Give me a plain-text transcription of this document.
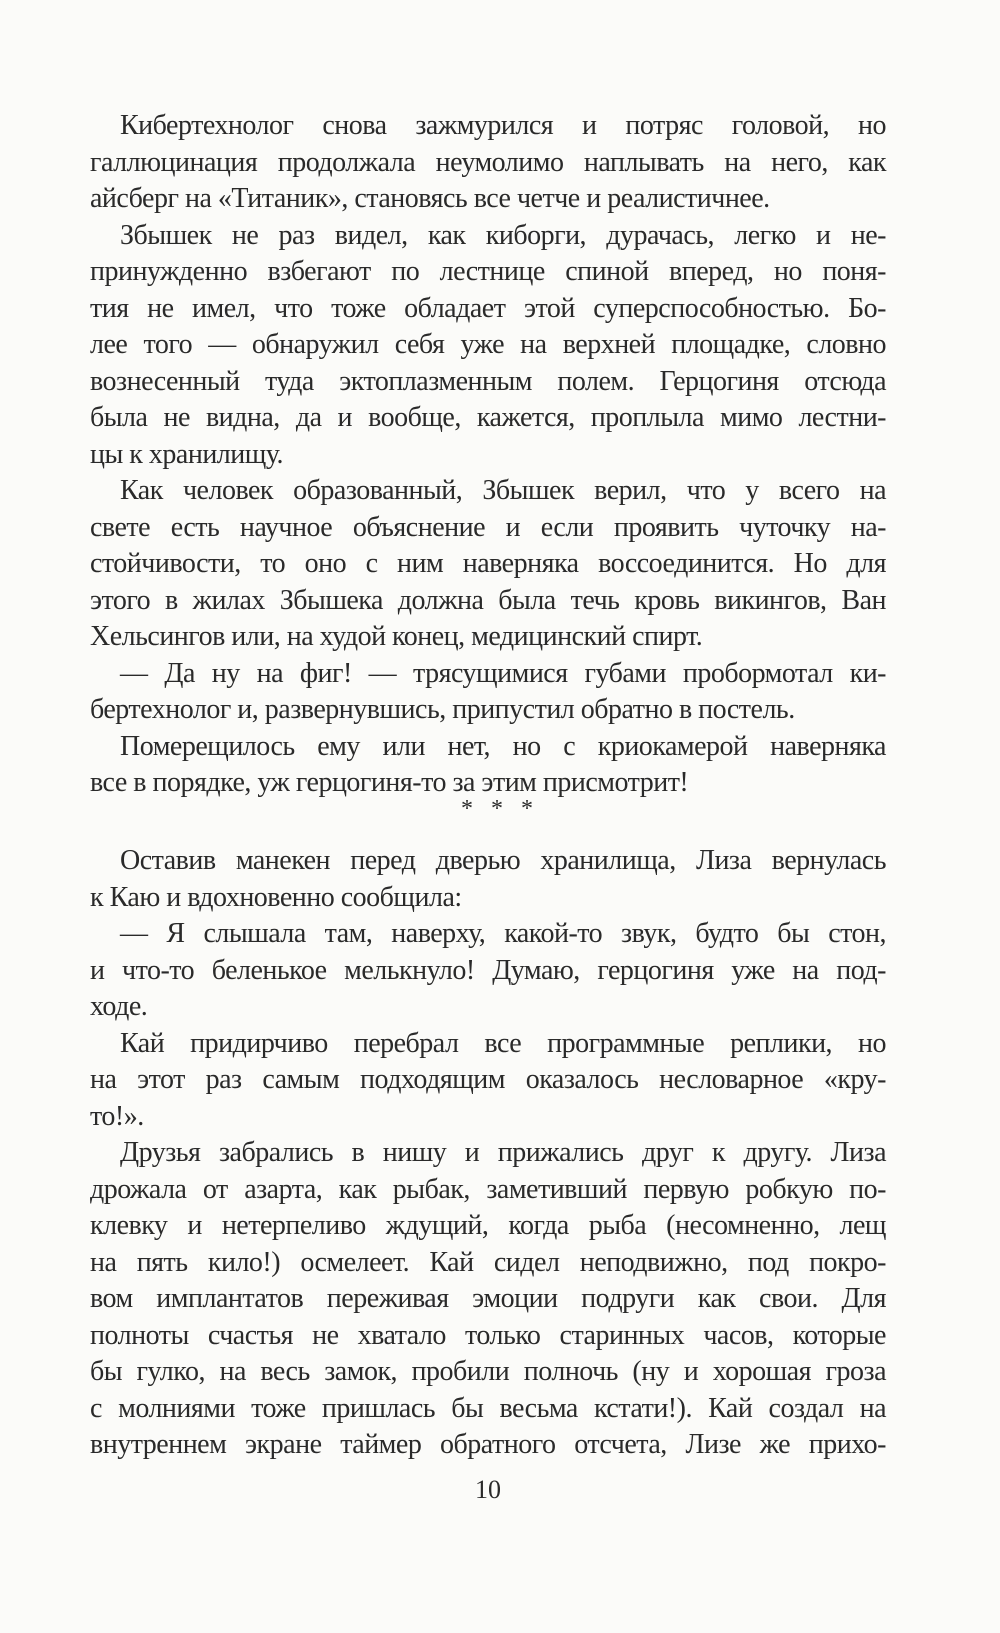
Кибертехнолог снова зажмурился и потряс головой, но
галлюцинация продолжала неумолимо наплывать на него, как
айсберг на «Титаник», становясь все четче и реалистичнее.
Збышек не раз видел, как киборги, дурачась, легко и не-
принужденно взбегают по лестнице спиной вперед, но поня-
тия не имел, что тоже обладает этой суперспособностью. Бо-
лее того — обнаружил себя уже на верхней площадке, словно
вознесенный туда эктоплазменным полем. Герцогиня отсюда
была не видна, да и вообще, кажется, проплыла мимо лестни-
цы к хранилищу.
Как человек образованный, Збышек верил, что у всего на
свете есть научное объяснение и если проявить чуточку на-
стойчивости, то оно с ним наверняка воссоединится. Но для
этого в жилах Збышека должна была течь кровь викингов, Ван
Хельсингов или, на худой конец, медицинский спирт.
— Да ну на фиг! — трясущимися губами пробормотал ки-
бертехнолог и, развернувшись, припустил обратно в постель.
Померещилось ему или нет, но с криокамерой наверняка
все в порядке, уж герцогиня-то за этим присмотрит!
* * *
Оставив манекен перед дверью хранилища, Лиза вернулась
к Каю и вдохновенно сообщила:
— Я слышала там, наверху, какой-то звук, будто бы стон,
и что-то беленькое мелькнуло! Думаю, герцогиня уже на под-
ходе.
Кай придирчиво перебрал все программные реплики, но
на этот раз самым подходящим оказалось несловарное «кру-
то!».
Друзья забрались в нишу и прижались друг к другу. Лиза
дрожала от азарта, как рыбак, заметивший первую робкую по-
клевку и нетерпеливо ждущий, когда рыба (несомненно, лещ
на пять кило!) осмелеет. Кай сидел неподвижно, под покро-
вом имплантатов переживая эмоции подруги как свои. Для
полноты счастья не хватало только старинных часов, которые
бы гулко, на весь замок, пробили полночь (ну и хорошая гроза
с молниями тоже пришлась бы весьма кстати!). Кай создал на
внутреннем экране таймер обратного отсчета, Лизе же прихо-
10
